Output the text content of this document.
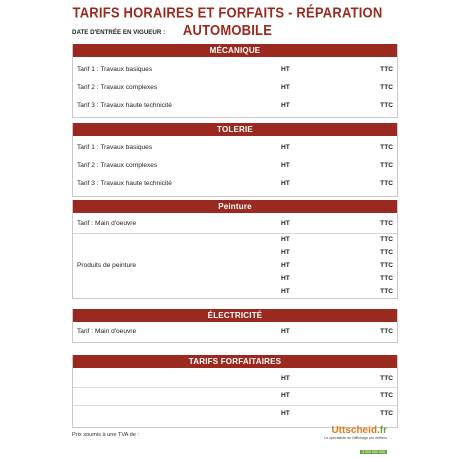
TARIFS HORAIRES ET FORFAITS - RÉPARATION AUTOMOBILE
DATE D'ENTRÉE EN VIGUEUR :
MÉCANIQUE
Tarif 1 : Travaux basiques	HT	TTC
Tarif 2 : Travaux complexes	HT	TTC
Tarif 3 : Travaux haute technicité	HT	TTC
TOLERIE
Tarif 1 : Travaux basiques	HT	TTC
Tarif 2 : Travaux complexes	HT	TTC
Tarif 3 : Travaux haute technicité	HT	TTC
Peinture
Tarif : Main d'oeuvre	HT	TTC
HT	TTC
HT	TTC
Produits de peinture	HT	TTC
HT	TTC
HT	TTC
ÉLECTRICITÉ
Tarif : Main d'oeuvre	HT	TTC
TARIFS FORFAITAIRES
HT	TTC
HT	TTC
HT	TTC
Prix soumis à une TVA de :	Uttscheid.fr
Le spécialiste de l'affichage pro métiers
3 000 000 000
